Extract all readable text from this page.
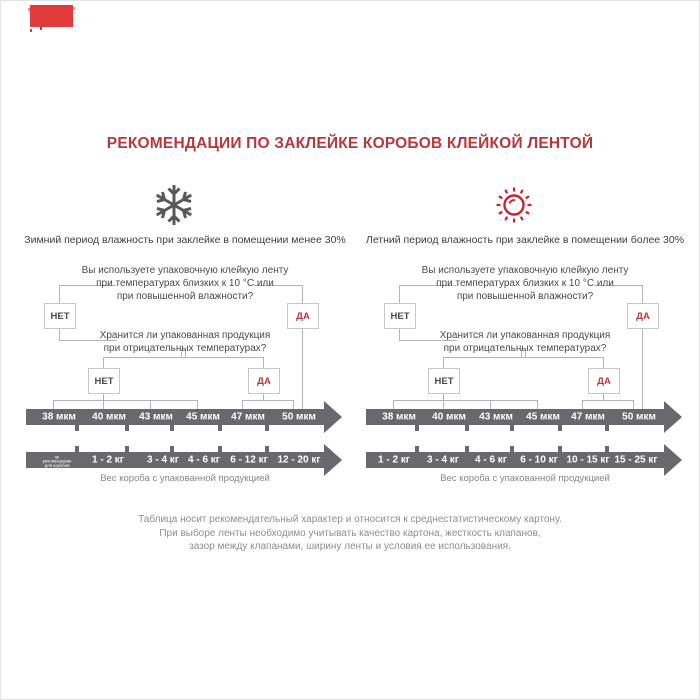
РЕКОМЕНДАЦИИ ПО ЗАКЛЕЙКЕ КОРОБОВ КЛЕЙКОЙ ЛЕНТОЙ
Зимний период влажность при заклейке в помещении менее 30%
Вы используете упаковочную клейкую ленту
при температурах близких к 10 °С или
при повышенной влажности?
Хранится ли упакованная продукция
при отрицательных температурах?
НЕТ	ДА
НЕТ	ДА
38 мкм 40 мкм 43 мкм 45 мкм 47 мкм 50 мкм
не рекомендован
для коробов
1 - 2 кг 3 - 4 кг 4 - 6 кг 6 - 12 кг 12 - 20 кг
Вес короба с упакованной продукцией
Летний период влажность при заклейке в помещении более 30%
Вы используете упаковочную клейкую ленту
при температурах близких к 10 °С или
при повышенной влажности?
Хранится ли упакованная продукция
при отрицательных температурах?
НЕТ	ДА
НЕТ	ДА
38 мкм 40 мкм 43 мкм 45 мкм 47 мкм 50 мкм
1 - 2 кг 3 - 4 кг 4 - 6 кг 6 - 10 кг 10 - 15 кг 15 - 25 кг
Вес короба с упакованной продукцией
Таблица носит рекомендательный характер и относится к среднестатистическому картону.
При выборе ленты необходимо учитывать качество картона, жесткость клапанов,
зазор между клапанами, ширину ленты и условия ее использования.
